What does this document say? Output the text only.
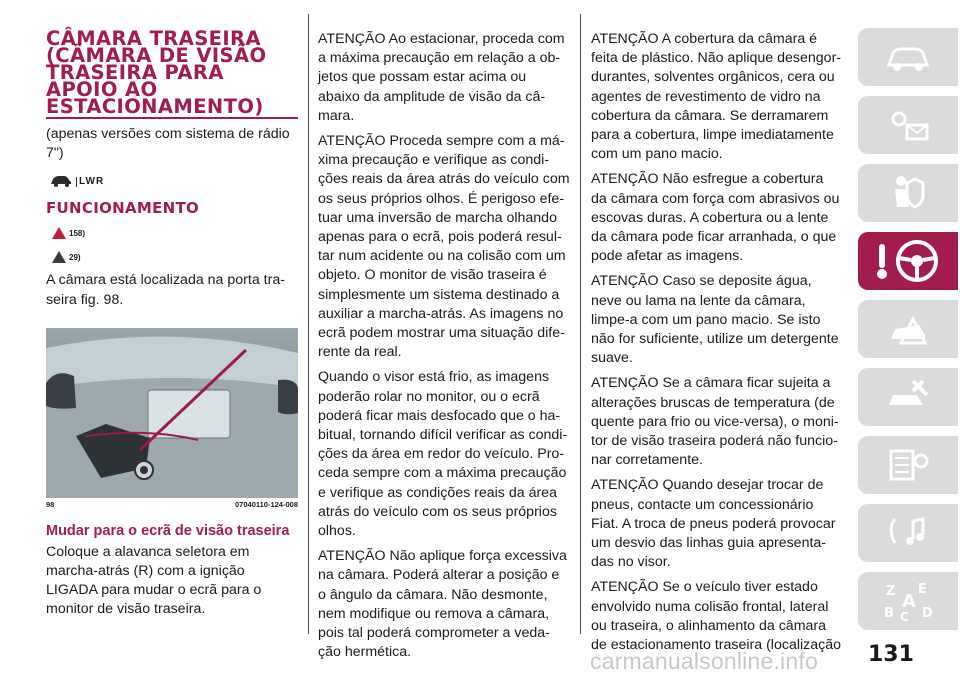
CÂMARA TRASEIRA
(CÂMARA DE VISÃO
TRASEIRA PARA
APOIO AO
ESTACIONAMENTO)

(apenas versões com sistema de rádio 7")

LWR
FUNCIONAMENTO
158)
29)

A câmara está localizada na porta tra-seira fig. 98.

98	07040110-124-008
Mudar para o ecrã de visão traseira

Coloque a alavanca seletora em marcha-atrás (R) com a ignição LIGADA para mudar o ecrã para o monitor de visão traseira.

ATENÇÃO Ao estacionar, proceda com a máxima precaução em relação a ob-jetos que possam estar acima ou abaixo da amplitude de visão da câ-mara.

ATENÇÃO Proceda sempre com a má-xima precaução e verifique as condi-ções reais da área atrás do veículo com os seus próprios olhos. É perigoso efe-tuar uma inversão de marcha olhando apenas para o ecrã, pois poderá resul-tar num acidente ou na colisão com um objeto. O monitor de visão traseira é simplesmente um sistema destinado a auxiliar a marcha-atrás. As imagens no ecrã podem mostrar uma situação dife-rente da real.

Quando o visor está frio, as imagens poderão rolar no monitor, ou o ecrã poderá ficar mais desfocado que o ha-bitual, tornando difícil verificar as condi-ções da área em redor do veículo. Pro-ceda sempre com a máxima precaução e verifique as condições reais da área atrás do veículo com os seus próprios olhos.

ATENÇÃO Não aplique força excessiva na câmara. Poderá alterar a posição e o ângulo da câmara. Não desmonte, nem modifique ou remova a câmara, pois tal poderá comprometer a veda-ção hermética.

ATENÇÃO A cobertura da câmara é feita de plástico. Não aplique desengor-durantes, solventes orgânicos, cera ou agentes de revestimento de vidro na cobertura da câmara. Se derramarem para a cobertura, limpe imediatamente com um pano macio.

ATENÇÃO Não esfregue a cobertura da câmara com força com abrasivos ou escovas duras. A cobertura ou a lente da câmara pode ficar arranhada, o que pode afetar as imagens.

ATENÇÃO Caso se deposite água, neve ou lama na lente da câmara, limpe-a com um pano macio. Se isto não for suficiente, utilize um detergente suave.

ATENÇÃO Se a câmara ficar sujeita a alterações bruscas de temperatura (de quente para frio ou vice-versa), o moni-tor de visão traseira poderá não funcio-nar corretamente.

ATENÇÃO Quando desejar trocar de pneus, contacte um concessionário Fiat. A troca de pneus poderá provocar um desvio das linhas guia apresenta-das no visor.

ATENÇÃO Se o veículo tiver estado envolvido numa colisão frontal, lateral ou traseira, o alinhamento da câmara de estacionamento traseira (localização

Z E
A
B C D
carmanualsonline.info 131
